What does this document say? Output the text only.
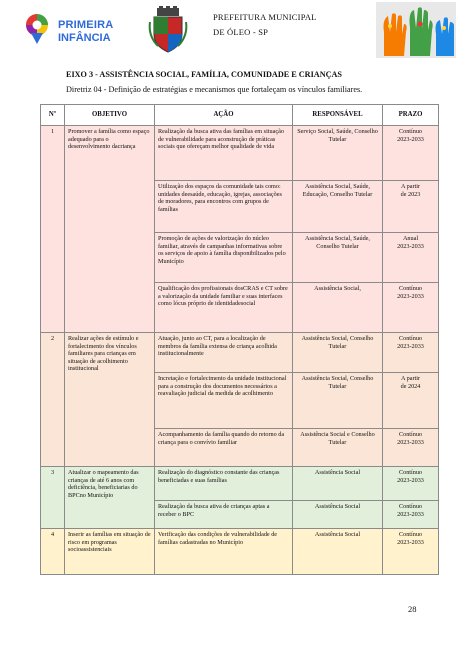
PRIMEIRA
INFÂNCIA
PREFEITURA MUNICIPAL
DE ÓLEO - SP
EIXO 3 - ASSISTÊNCIA SOCIAL, FAMÍLIA, COMUNIDADE E CRIANÇAS
Diretriz 04 - Definição de estratégias e mecanismos que fortaleçam os vínculos familiares.
Nº	OBJETIVO	AÇÃO	RESPONSÁVEL	PRAZO
1	Promover a família como espaço adequado para o desenvolvimento dacriança	Realização da busca ativa das famílias em situação de vulnerabilidade para aconstrução de práticas sociais que ofereçam melhor qualidade de vida	Serviço Social, Saúde, Conselho Tutelar	Contínuo
2023-2033

		Utilização dos espaços da comunidade tais como: unidades deesaúde, educação, igrejas, associações de moradores, para encontros com grupos de famílias	Assistência Social, Saúde, Educação, Conselho Tutelar	A partir
de 2023

		Promoção de ações de valorização do núcleo familiar, através de campanhas informativas sobre os serviços de apoio à família disponibilizados pelo Município	Assistência Social, Saúde, Conselho Tutelar	Anual
2023-2033

		Qualificação dos profissionais dosCRAS e CT sobre a valorização da unidade familiar e suas interfaces como lócus próprio de identidadesocial	Assistência Social,	Contínuo
2023-2033

2	Realizar ações de estímulo e fortalecimento dos vínculos familiares para crianças em situação de acolhimento institucional	Atuação, junto ao CT, para a localização de membros da família extensa de criança acolhida institucionalmente	Assistência Social, Conselho Tutelar	Contínuo
2023-2033

		Incretação e fortalecimento da unidade institucional para a construção dos documentos necessários a reavaliação judicial da medida de acolhimento	Assistência Social, Conselho Tutelar	A partir
de 2024

		Acompanhamento da família quando do retorno da criança para o convívio familiar	Assistência Social e Conselho Tutelar	Contínuo
2023-2033

3	Atualizar o mapeamento das crianças de até 6 anos com deficiência, beneficiarias do BPCno Município	Realização do diagnóstico constante das crianças beneficiadas e suas famílias	Assistência Social	Contínuo
2023-2033

		Realização da busca ativa de crianças aptas a receber o BPC	Assistência Social	Contínuo
2023-2033

4	Inserir as famílias em situação de risco em programas socioassistenciais	Verificação das condições de vulnerabilidade de famílias cadastradas no Município	Assistência Social	Contínuo
2023-2033
28
